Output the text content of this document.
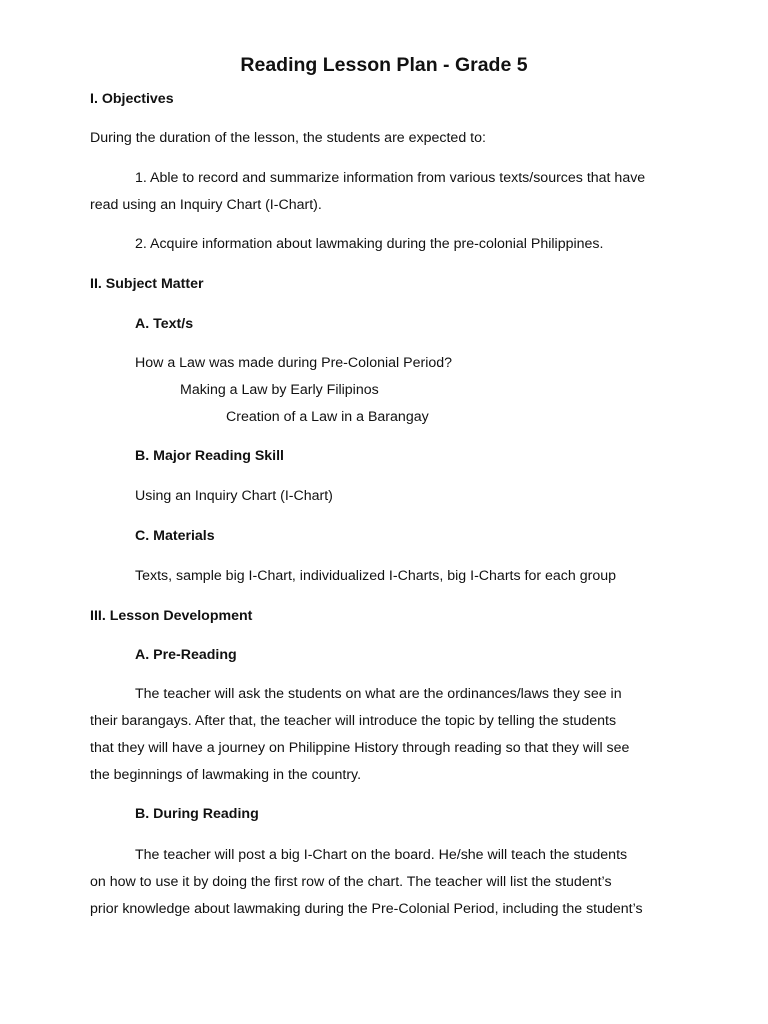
Reading Lesson Plan - Grade 5

I. Objectives

During the duration of the lesson, the students are expected to:

1. Able to record and summarize information from various texts/sources that have

read using an Inquiry Chart (I-Chart).

2. Acquire information about lawmaking during the pre-colonial Philippines.

II. Subject Matter

A. Text/s

How a Law was made during Pre-Colonial Period?

Making a Law by Early Filipinos

Creation of a Law in a Barangay

B. Major Reading Skill

Using an Inquiry Chart (I-Chart)

C. Materials

Texts, sample big I-Chart, individualized I-Charts, big I-Charts for each group

III. Lesson Development

A. Pre-Reading

The teacher will ask the students on what are the ordinances/laws they see in

their barangays. After that, the teacher will introduce the topic by telling the students

that they will have a journey on Philippine History through reading so that they will see

the beginnings of lawmaking in the country.

B. During Reading

The teacher will post a big I-Chart on the board. He/she will teach the students

on how to use it by doing the first row of the chart. The teacher will list the student’s

prior knowledge about lawmaking during the Pre-Colonial Period, including the student’s
